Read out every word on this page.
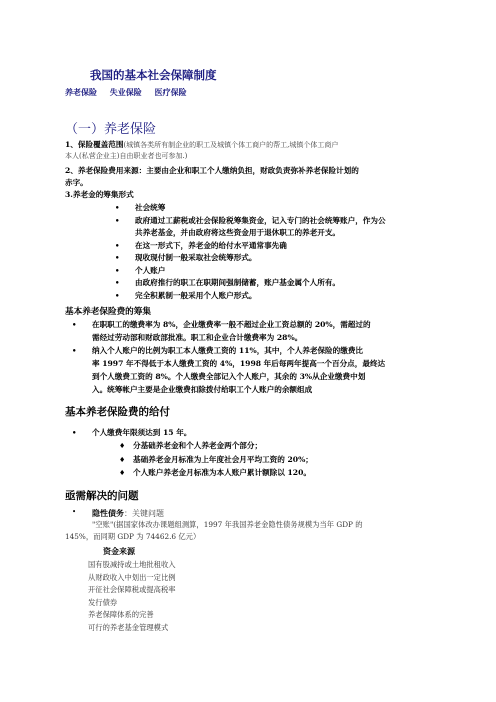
我国的基本社会保障制度
养老保险 失业保险 医疗保险
（一）养老保险
1、保险覆盖范围(城镇各类所有制企业的职工及城镇个体工商户的帮工,城镇个体工商户
本人(私营企业主)自由职业者也可参加.)
2、养老保险费用来源：主要由企业和职工个人缴纳负担，财政负责弥补养老保险计划的
赤字。
3.养老金的筹集形式
• 社会统筹
• 政府通过工薪税或社会保险税筹集资金，记入专门的社会统筹账户，作为公
共养老基金，并由政府将这些资金用于退休职工的养老开支。
• 在这一形式下，养老金的给付水平通常事先确
• 现收现付制一般采取社会统筹形式。
• 个人账户
• 由政府推行的职工在职期间强制储蓄，账户基金属个人所有。
• 完全积累制一般采用个人账户形式。
基本养老保险费的筹集
• 在职职工的缴费率为 8%，企业缴费率一般不超过企业工资总额的 20%，需超过的
需经过劳动部和财政部批准。职工和企业合计缴费率为 28%。
• 纳入个人账户的比例为职工本人缴费工资的 11%，其中，个人养老保险的缴费比
率 1997 年不得低于本人缴费工资的 4%，1998 年后每两年提高一个百分点，最终达
到个人缴费工资的 8%。个人缴费全部记入个人账户，其余的 3%从企业缴费中划
入。统筹帐户主要是企业缴费扣除拨付给职工个人账户的余额组成
基本养老保险费的给付
• 个人缴费年限须达到 15 年。
♦ 分基础养老金和个人养老金两个部分；
♦ 基础养老金月标准为上年度社会月平均工资的 20%；
♦ 个人账户养老金月标准为本人账户累计额除以 120。
亟需解决的问题
• 隐性债务：关键问题
"空账"(据国家体改办课题组测算，1997 年我国养老金隐性债务规模为当年 GDP 的
145%，而同期 GDP 为 74462.6 亿元）
资金来源
国有股减持或土地批租收入
从财政收入中划出一定比例
开征社会保障税或提高税率
发行债券
养老保障体系的完善
可行的养老基金管理模式
